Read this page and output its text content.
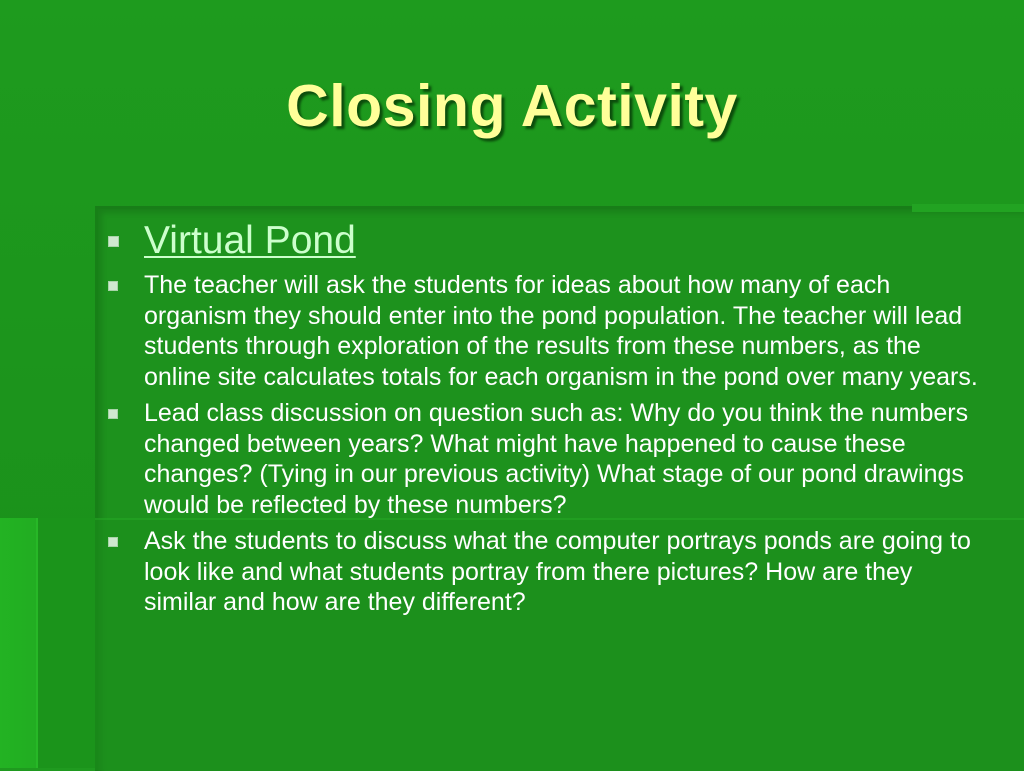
Closing Activity
Virtual Pond
The teacher will ask the students for ideas about how many of each organism they should enter into the pond population. The teacher will lead students through exploration of the results from these numbers, as the online site calculates totals for each organism in the pond over many years.
Lead class discussion on question such as: Why do you think the numbers changed between years? What might have happened to cause these changes? (Tying in our previous activity) What stage of our pond drawings would be reflected by these numbers?
Ask the students to discuss what the computer portrays ponds are going to look like and what students portray from there pictures? How are they similar and how are they different?
